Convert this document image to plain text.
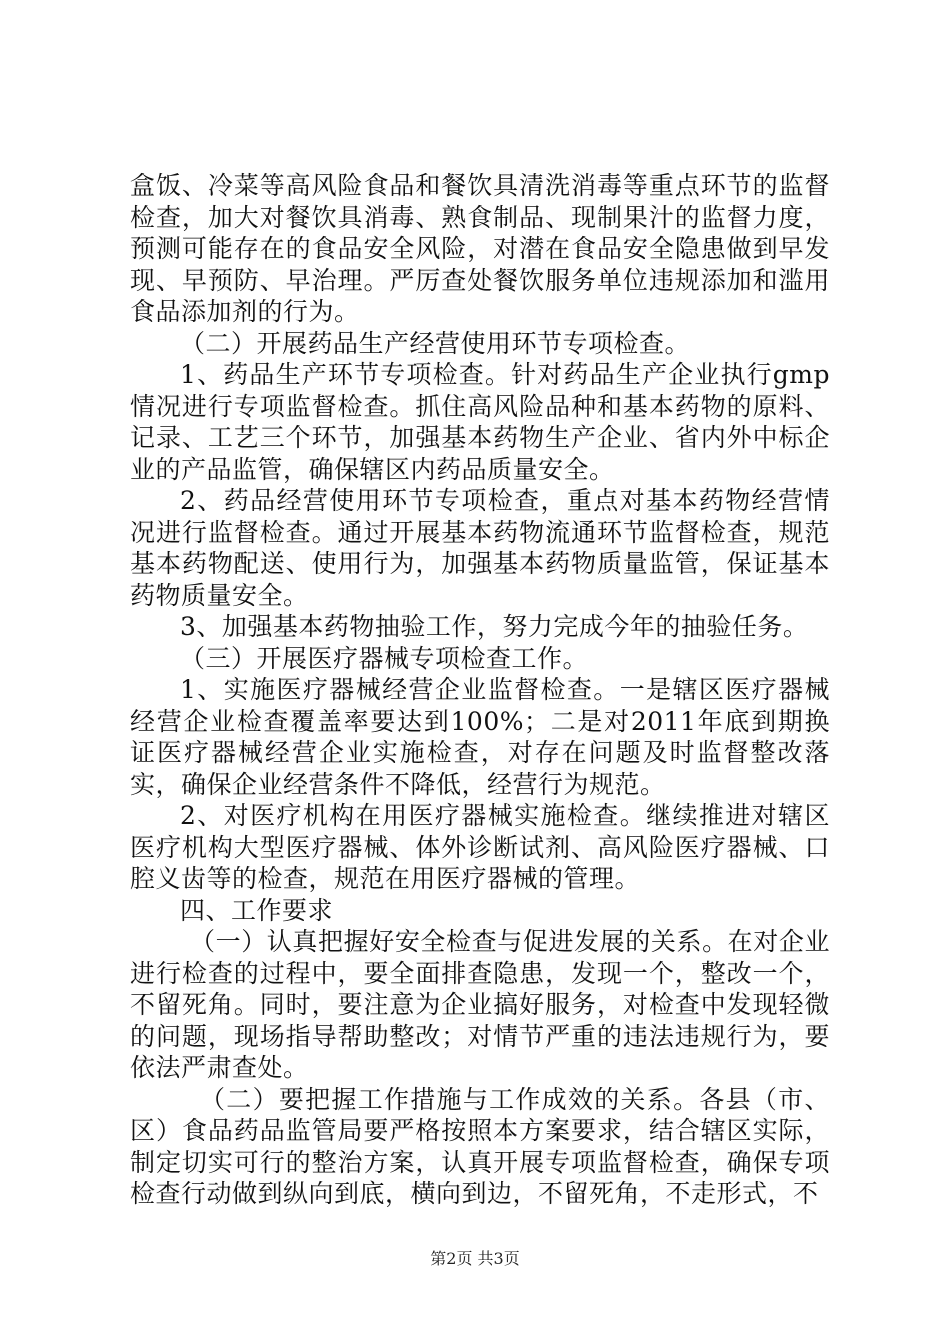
盒饭、冷菜等高风险食品和餐饮具清洗消毒等重点环节的监督检查，加大对餐饮具消毒、熟食制品、现制果汁的监督力度，预测可能存在的食品安全风险，对潜在食品安全隐患做到早发现、早预防、早治理。严厉查处餐饮服务单位违规添加和滥用食品添加剂的行为。

（二）开展药品生产经营使用环节专项检查。

1、药品生产环节专项检查。针对药品生产企业执行gmp情况进行专项监督检查。抓住高风险品种和基本药物的原料、记录、工艺三个环节，加强基本药物生产企业、省内外中标企业的产品监管，确保辖区内药品质量安全。

2、药品经营使用环节专项检查，重点对基本药物经营情况进行监督检查。通过开展基本药物流通环节监督检查，规范基本药物配送、使用行为，加强基本药物质量监管，保证基本药物质量安全。

3、加强基本药物抽验工作，努力完成今年的抽验任务。

（三）开展医疗器械专项检查工作。

1、实施医疗器械经营企业监督检查。一是辖区医疗器械经营企业检查覆盖率要达到100%；二是对2011年底到期换证医疗器械经营企业实施检查，对存在问题及时监督整改落实，确保企业经营条件不降低，经营行为规范。

2、对医疗机构在用医疗器械实施检查。继续推进对辖区医疗机构大型医疗器械、体外诊断试剂、高风险医疗器械、口腔义齿等的检查，规范在用医疗器械的管理。

四、工作要求

（一）认真把握好安全检查与促进发展的关系。在对企业进行检查的过程中，要全面排查隐患，发现一个，整改一个，不留死角。同时，要注意为企业搞好服务，对检查中发现轻微的问题，现场指导帮助整改；对情节严重的违法违规行为，要依法严肃查处。

（二）要把握工作措施与工作成效的关系。各县（市、区）食品药品监管局要严格按照本方案要求，结合辖区实际，制定切实可行的整治方案，认真开展专项监督检查，确保专项检查行动做到纵向到底，横向到边，不留死角，不走形式，不

第2页 共3页
